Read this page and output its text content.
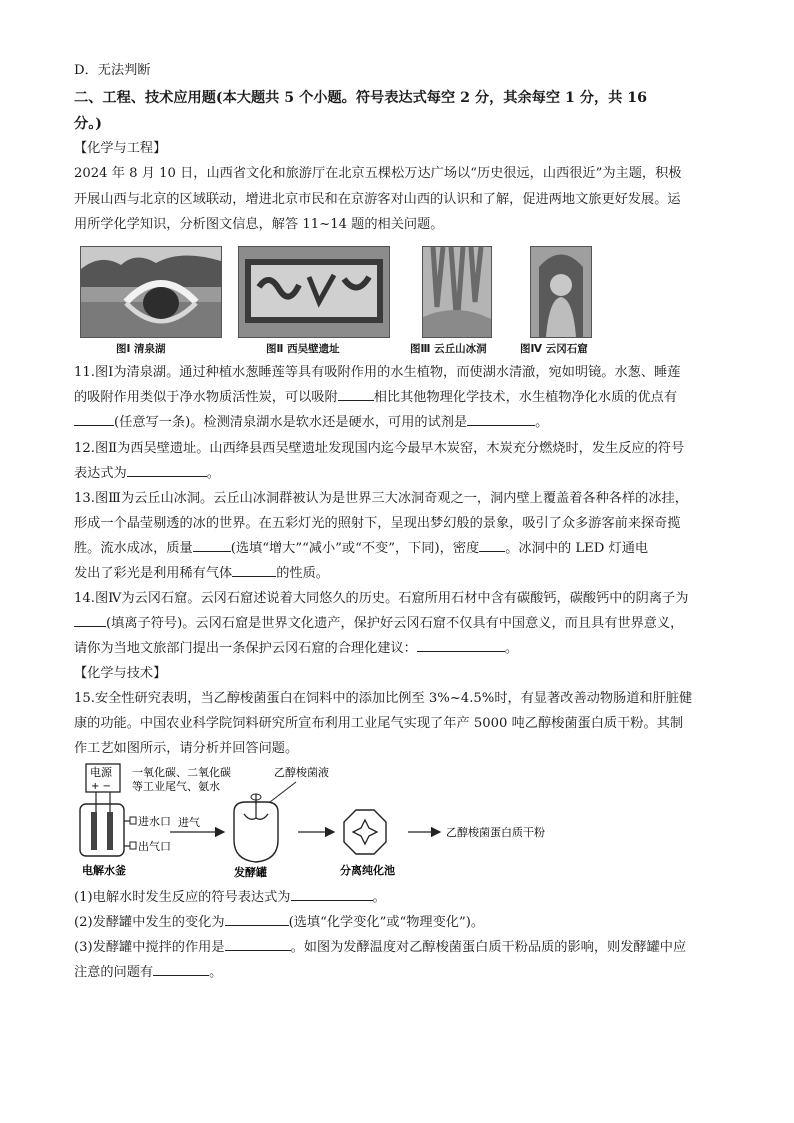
D．无法判断
二、工程、技术应用题(本大题共 5 个小题。符号表达式每空 2 分，其余每空 1 分，共 16
分。)
【化学与工程】
2024 年 8 月 10 日，山西省文化和旅游厅在北京五棵松万达广场以“历史很远，山西很近”为主题，积极
开展山西与北京的区域联动，增进北京市民和在京游客对山西的认识和了解，促进两地文旅更好发展。运
用所学化学知识，分析图文信息，解答 11~14 题的相关问题。
图Ⅰ 清泉湖	图Ⅱ 西吴壁遗址	图Ⅲ 云丘山冰洞	图Ⅳ 云冈石窟
11.图Ⅰ为清泉湖。通过种植水葱睡莲等具有吸附作用的水生植物，而使湖水清澈，宛如明镜。水葱、睡莲
的吸附作用类似于净水物质活性炭，可以吸附	相比其他物理化学技术，水生植物净化水质的优点有
(任意写一条)。检测清泉湖水是软水还是硬水，可用的试剂是	。
12.图Ⅱ为西吴壁遗址。山西绛县西吴壁遗址发现国内迄今最早木炭窑，木炭充分燃烧时，发生反应的符号
表达式为	。
13.图Ⅲ为云丘山冰洞。云丘山冰洞群被认为是世界三大冰洞奇观之一，洞内壁上覆盖着各种各样的冰挂，
形成一个晶莹剔透的冰的世界。在五彩灯光的照射下，呈现出梦幻般的景象，吸引了众多游客前来探奇揽
胜。流水成冰，质量	(选填“增大”“减小”或“不变”，下同)，密度 。冰洞中的 LED 灯通电
发出了彩光是利用稀有气体	的性质。
14.图Ⅳ为云冈石窟。云冈石窟述说着大同悠久的历史。石窟所用石材中含有碳酸钙，碳酸钙中的阴离子为
(填离子符号)。云冈石窟是世界文化遗产，保护好云冈石窟不仅具有中国意义，而且具有世界意义，
请你为当地文旅部门提出一条保护云冈石窟的合理化建议：	。
【化学与技术】
15.安全性研究表明，当乙醇梭菌蛋白在饲料中的添加比例至 3%~4.5%时，有显著改善动物肠道和肝脏健
康的功能。中国农业科学院饲料研究所宣布利用工业尾气实现了年产 5000 吨乙醇梭菌蛋白质干粉。其制
作工艺如图所示，请分析并回答问题。
电源
+ −
进水口
出气口
电解水釜
进气
一氧化碳、二氧化碳
等工业尾气、氨水
乙醇梭菌液
发酵罐	分离纯化池
乙醇梭菌蛋白质干粉
(1)电解水时发生反应的符号表达式为	。
(2)发酵罐中发生的变化为	(选填“化学变化”或“物理变化”)。
(3)发酵罐中搅拌的作用是	。如图为发酵温度对乙醇梭菌蛋白质干粉品质的影响，则发酵罐中应
注意的问题有	。
